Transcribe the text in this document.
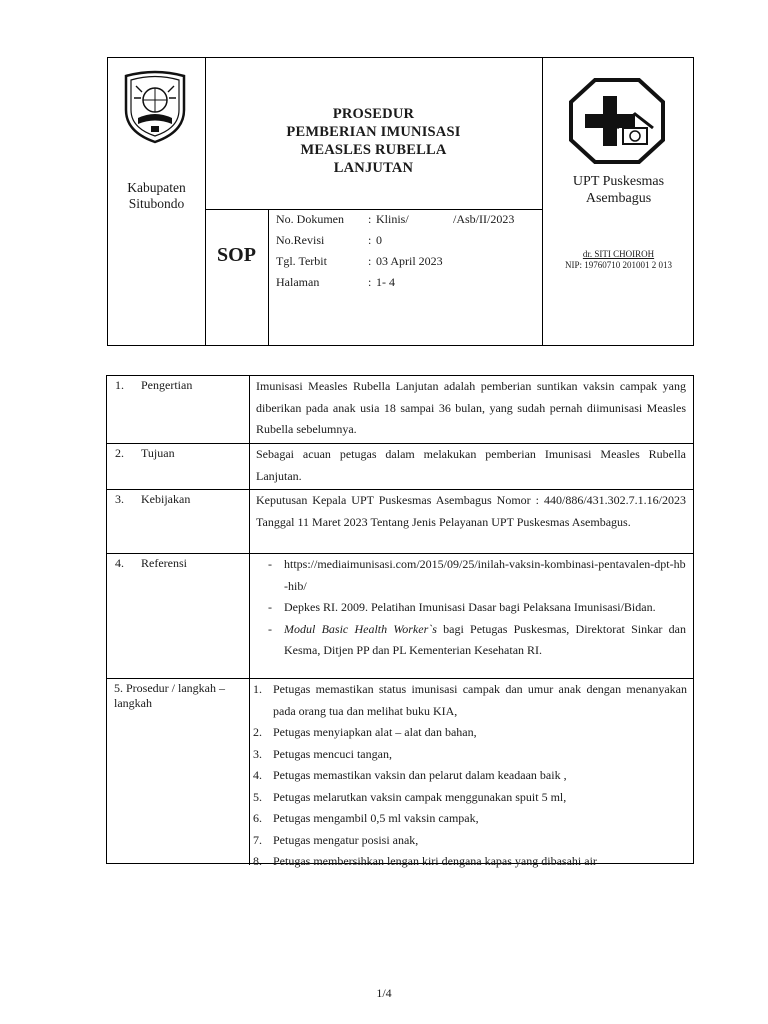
Kabupaten
Situbondo
PROSEDUR
PEMBERIAN IMUNISASI
MEASLES RUBELLA
LANJUTAN
UPT Puskesmas
Asembagus
SOP
No. Dokumen : Klinis/	/Asb/II/2023
No.Revisi	: 0
Tgl. Terbit	: 03 April 2023
Halaman	: 1- 4
dr. SITI CHOIROH
NIP: 19760710 201001 2 013
1. Pengertian	Imunisasi Measles Rubella Lanjutan adalah pemberian suntikan vaksin campak yang diberikan pada anak usia 18 sampai 36 bulan, yang sudah pernah diimunisasi Measles Rubella sebelumnya.

2. Tujuan	Sebagai acuan petugas dalam melakukan pemberian Imunisasi Measles Rubella Lanjutan.

3. Kebijakan	Keputusan Kepala UPT Puskesmas Asembagus Nomor : 440/886/431.302.7.1.16/2023 Tanggal 11 Maret 2023 Tentang Jenis Pelayanan UPT Puskesmas Asembagus.

4. Referensi	- https://mediaimunisasi.com/2015/09/25/inilah-vaksin-kombinasi-pentavalen-dpt-hb-hib/
- Depkes RI. 2009. Pelatihan Imunisasi Dasar bagi Pelaksana Imunisasi/Bidan.
- Modul Basic Health Worker`s bagi Petugas Puskesmas, Direktorat Sinkar dan Kesma, Ditjen PP dan PL Kementerian Kesehatan RI.
5. Prosedur / langkah – langkah
1. Petugas memastikan status imunisasi campak dan umur anak dengan menanyakan pada orang tua dan melihat buku KIA,
2. Petugas menyiapkan alat – alat dan bahan,
3. Petugas mencuci tangan,
4. Petugas memastikan vaksin dan pelarut dalam keadaan baik ,
5. Petugas melarutkan vaksin campak menggunakan spuit 5 ml,
6. Petugas mengambil 0,5 ml vaksin campak,
7. Petugas mengatur posisi anak,
8. Petugas membersihkan lengan kiri dengana kapas yang dibasahi air
1/4
